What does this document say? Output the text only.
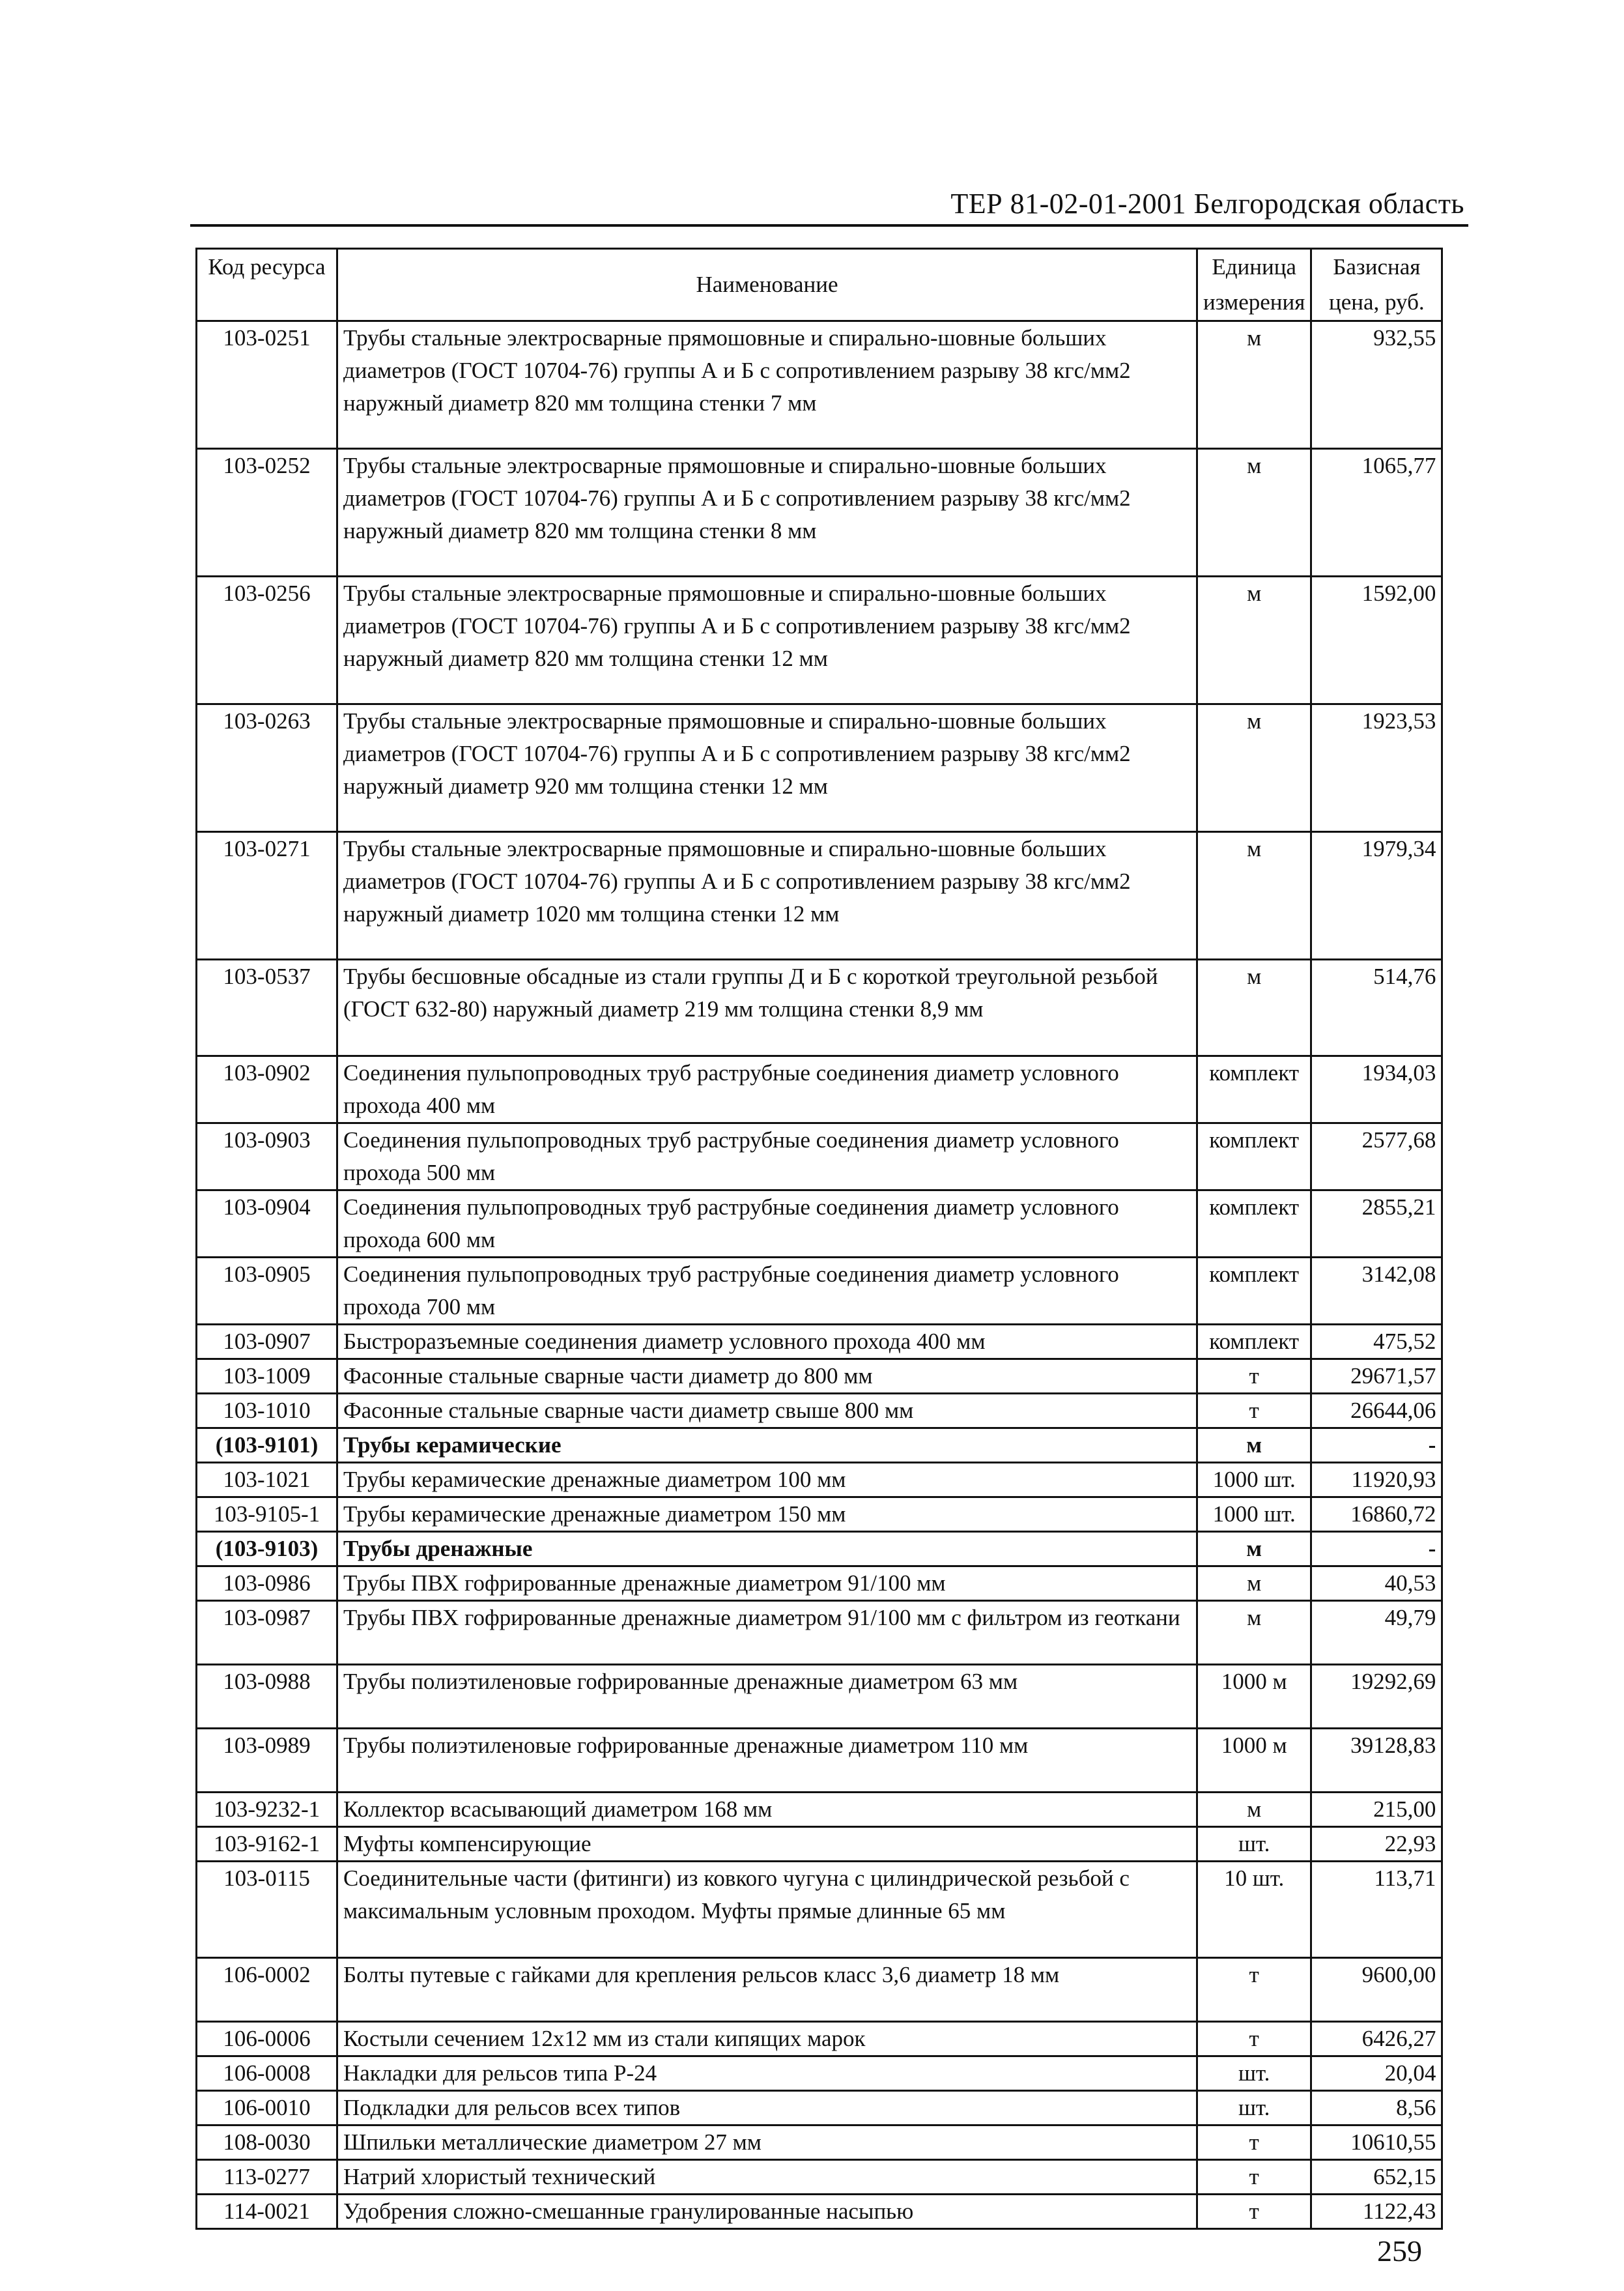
ТЕР 81-02-01-2001 Белгородская область
Код ресурса	Наименование	Единица измерения	Базисная цена, руб.
103-0251	Трубы стальные электросварные прямошовные и спирально-шовные больших диаметров (ГОСТ 10704-76) группы А и Б с сопротивлением разрыву 38 кгс/мм2 наружный диаметр 820 мм толщина стенки 7 мм	м	932,55
103-0252	Трубы стальные электросварные прямошовные и спирально-шовные больших диаметров (ГОСТ 10704-76) группы А и Б с сопротивлением разрыву 38 кгс/мм2 наружный диаметр 820 мм толщина стенки 8 мм	м	1065,77
103-0256	Трубы стальные электросварные прямошовные и спирально-шовные больших диаметров (ГОСТ 10704-76) группы А и Б с сопротивлением разрыву 38 кгс/мм2 наружный диаметр 820 мм толщина стенки 12 мм	м	1592,00
103-0263	Трубы стальные электросварные прямошовные и спирально-шовные больших диаметров (ГОСТ 10704-76) группы А и Б с сопротивлением разрыву 38 кгс/мм2 наружный диаметр 920 мм толщина стенки 12 мм	м	1923,53
103-0271	Трубы стальные электросварные прямошовные и спирально-шовные больших диаметров (ГОСТ 10704-76) группы А и Б с сопротивлением разрыву 38 кгс/мм2 наружный диаметр 1020 мм толщина стенки 12 мм	м	1979,34
103-0537	Трубы бесшовные обсадные из стали группы Д и Б с короткой треугольной резьбой (ГОСТ 632-80) наружный диаметр 219 мм толщина стенки 8,9 мм	м	514,76
103-0902	Соединения пульпопроводных труб раструбные соединения диаметр условного прохода 400 мм	комплект	1934,03
103-0903	Соединения пульпопроводных труб раструбные соединения диаметр условного прохода 500 мм	комплект	2577,68
103-0904	Соединения пульпопроводных труб раструбные соединения диаметр условного прохода 600 мм	комплект	2855,21
103-0905	Соединения пульпопроводных труб раструбные соединения диаметр условного прохода 700 мм	комплект	3142,08
103-0907	Быстроразъемные соединения диаметр условного прохода 400 мм	комплект	475,52
103-1009	Фасонные стальные сварные части диаметр до 800 мм	т	29671,57
103-1010	Фасонные стальные сварные части диаметр свыше 800 мм	т	26644,06
(103-9101)	Трубы керамические	м	-
103-1021	Трубы керамические дренажные диаметром 100 мм	1000 шт.	11920,93
103-9105-1	Трубы керамические дренажные диаметром 150 мм	1000 шт.	16860,72
(103-9103)	Трубы дренажные	м	-
103-0986	Трубы ПВХ гофрированные дренажные диаметром 91/100 мм	м	40,53
103-0987	Трубы ПВХ гофрированные дренажные диаметром 91/100 мм с фильтром из геоткани	м	49,79
103-0988	Трубы полиэтиленовые гофрированные дренажные диаметром 63 мм	1000 м	19292,69
103-0989	Трубы полиэтиленовые гофрированные дренажные диаметром 110 мм	1000 м	39128,83
103-9232-1	Коллектор всасывающий диаметром 168 мм	м	215,00
103-9162-1	Муфты компенсирующие	шт.	22,93
103-0115	Соединительные части (фитинги) из ковкого чугуна с цилиндрической резьбой с максимальным условным проходом. Муфты прямые длинные 65 мм	10 шт.	113,71
106-0002	Болты путевые с гайками для крепления рельсов класс 3,6 диаметр 18 мм	т	9600,00
106-0006	Костыли сечением 12х12 мм из стали кипящих марок	т	6426,27
106-0008	Накладки для рельсов типа Р-24	шт.	20,04
106-0010	Подкладки для рельсов всех типов	шт.	8,56
108-0030	Шпильки металлические диаметром 27 мм	т	10610,55
113-0277	Натрий хлористый технический	т	652,15
114-0021	Удобрения сложно-смешанные гранулированные насыпью	т	1122,43
259
